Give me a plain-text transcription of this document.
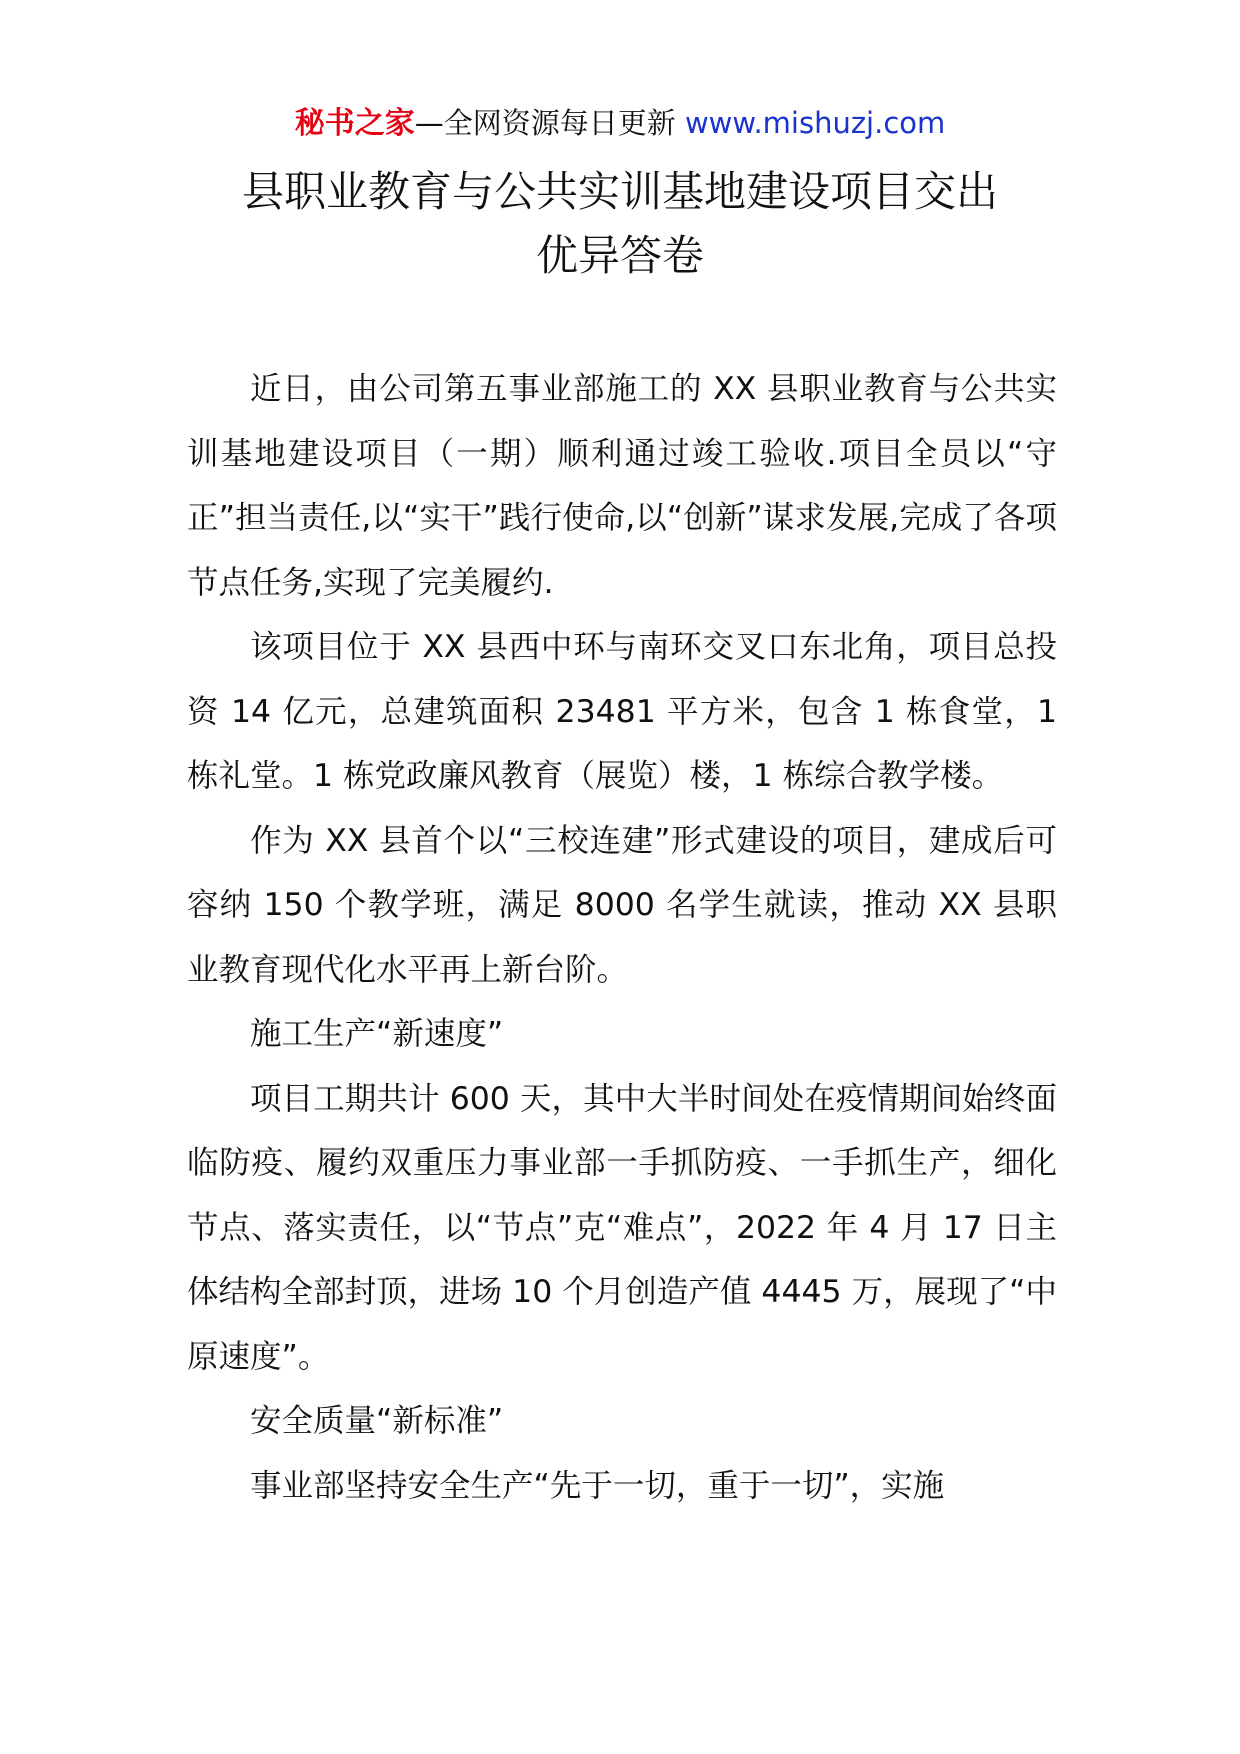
秘书之家—全网资源每日更新 www.mishuzj.com
县职业教育与公共实训基地建设项目交出
优异答卷

近日，由公司第五事业部施工的 XX 县职业教育与公共实训基地建设项目（一期）顺利通过竣工验收.项目全员以“守正”担当责任,以“实干”践行使命,以“创新”谋求发展,完成了各项节点任务,实现了完美履约.

该项目位于 XX 县西中环与南环交叉口东北角，项目总投资 14 亿元，总建筑面积 23481 平方米，包含 1 栋食堂，1 栋礼堂。1 栋党政廉风教育（展览）楼，1 栋综合教学楼。

作为 XX 县首个以“三校连建”形式建设的项目，建成后可容纳 150 个教学班，满足 8000 名学生就读，推动 XX 县职业教育现代化水平再上新台阶。

施工生产“新速度”

项目工期共计 600 天，其中大半时间处在疫情期间始终面临防疫、履约双重压力事业部一手抓防疫、一手抓生产，细化节点、落实责任，以“节点”克“难点”，2022 年 4 月 17 日主体结构全部封顶，进场 10 个月创造产值 4445 万，展现了“中原速度”。

安全质量“新标准”

事业部坚持安全生产“先于一切，重于一切”，实施
